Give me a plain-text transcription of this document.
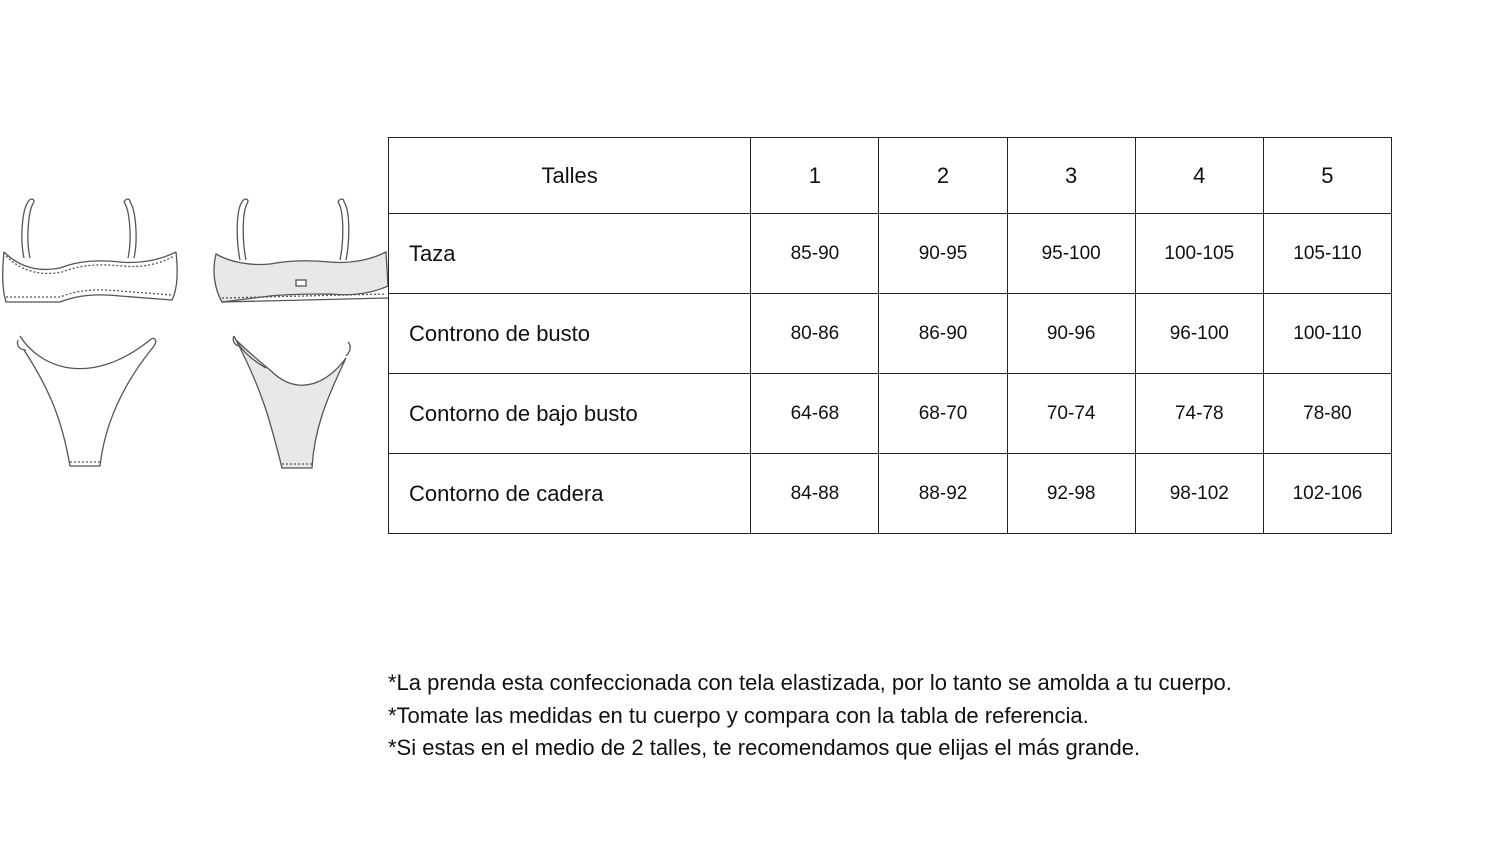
Talles	1	2	3	4	5
Taza	85-90	90-95	95-100	100-105	105-110
Controno de busto	80-86	86-90	90-96	96-100	100-110
Contorno de bajo busto	64-68	68-70	70-74	74-78	78-80
Contorno de cadera	84-88	88-92	92-98	98-102	102-106

*La prenda esta confeccionada con tela elastizada, por lo tanto se amolda a tu cuerpo.

*Tomate las medidas en tu cuerpo y compara con la tabla de referencia.

*Si estas en el medio de 2 talles, te recomendamos que elijas el más grande.
